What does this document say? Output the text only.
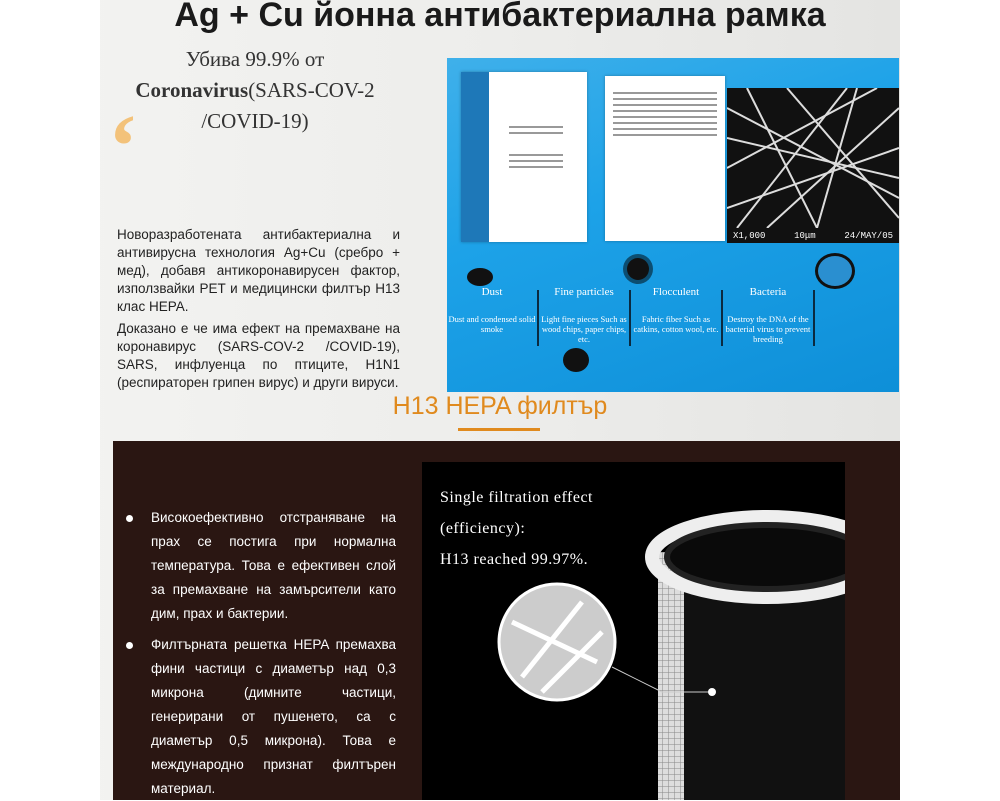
Ag + Cu йонна антибактериална рамка
Убива 99.9% от
Coronavirus(SARS-COV-2
/COVID-19)
‘
Новоразработената антибактериална и антивирусна технология Ag+Cu (сребро + мед), добавя антикоронавирусен фактор, използвайки PET и медицински филтър H13 клас HEPA.
Доказано е че има ефект на премахване на коронавирус (SARS-COV-2 /COVID-19), SARS, инфлуенца по птиците, H1N1 (респираторен грипен вирус) и други вируси.
X1,000	10μm	24/MAY/05
Dust
Dust and condensed solid smoke
Fine particles
Light fine pieces Such as wood chips, paper chips, etc.
Flocculent
Fabric fiber Such as catkins, cotton wool, etc.
Bacteria
Destroy the DNA of the bacterial virus to prevent breeding
H13 HEPA филтър

Високоефективно отстраняване на прах се постига при нормална температура. Това е ефективен слой за премахване на замърсители като дим, прах и бактерии.

Филтърната решетка HEPA премахва фини частици с диаметър над 0,3 микрона (димните частици, генерирани от пушенето, са с диаметър 0,5 микрона). Това е международно признат филтърен материал.

Single filtration effect
(efficiency):
H13 reached 99.97%.
